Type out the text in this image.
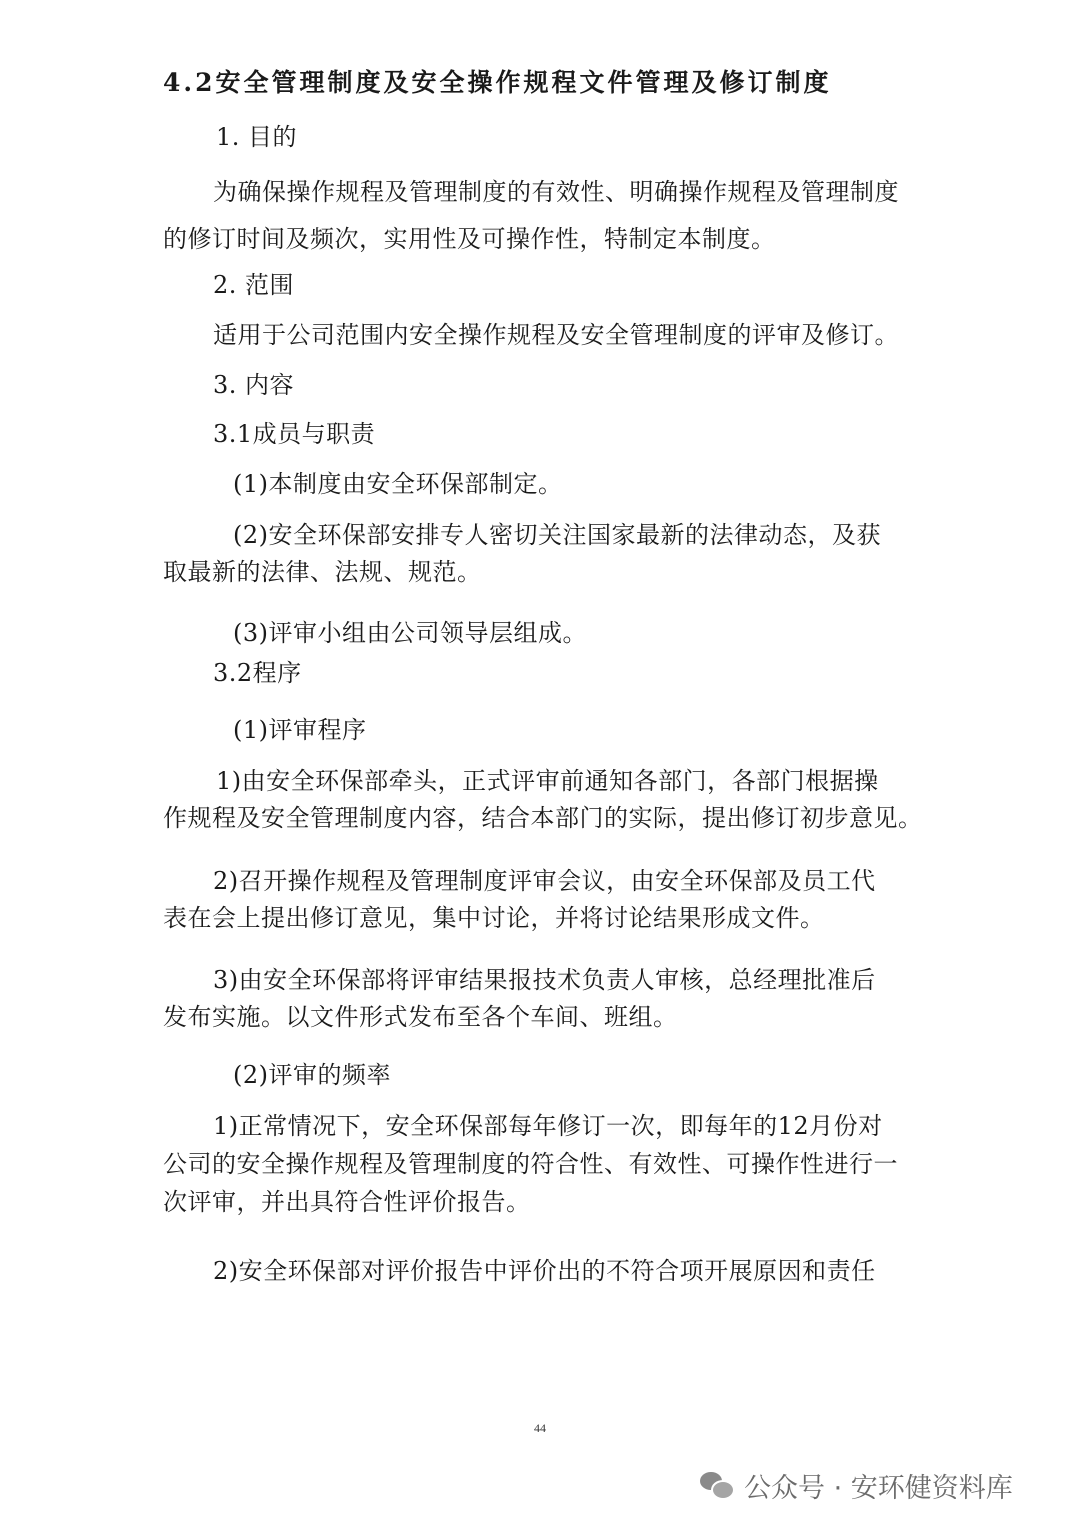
4.2安全管理制度及安全操作规程文件管理及修订制度
1. 目的
为确保操作规程及管理制度的有效性、明确操作规程及管理制度
的修订时间及频次，实用性及可操作性，特制定本制度。
2. 范围
适用于公司范围内安全操作规程及安全管理制度的评审及修订。
3. 内容
3.1成员与职责
(1)本制度由安全环保部制定。
(2)安全环保部安排专人密切关注国家最新的法律动态，及获
取最新的法律、法规、规范。
(3)评审小组由公司领导层组成。
3.2程序
(1)评审程序
1)由安全环保部牵头，正式评审前通知各部门，各部门根据操
作规程及安全管理制度内容，结合本部门的实际，提出修订初步意见。
2)召开操作规程及管理制度评审会议，由安全环保部及员工代
表在会上提出修订意见，集中讨论，并将讨论结果形成文件。
3)由安全环保部将评审结果报技术负责人审核，总经理批准后
发布实施。以文件形式发布至各个车间、班组。
(2)评审的频率
1)正常情况下，安全环保部每年修订一次，即每年的12月份对
公司的安全操作规程及管理制度的符合性、有效性、可操作性进行一
次评审，并出具符合性评价报告。
2)安全环保部对评价报告中评价出的不符合项开展原因和责任
44
公众号 · 安环健资料库
